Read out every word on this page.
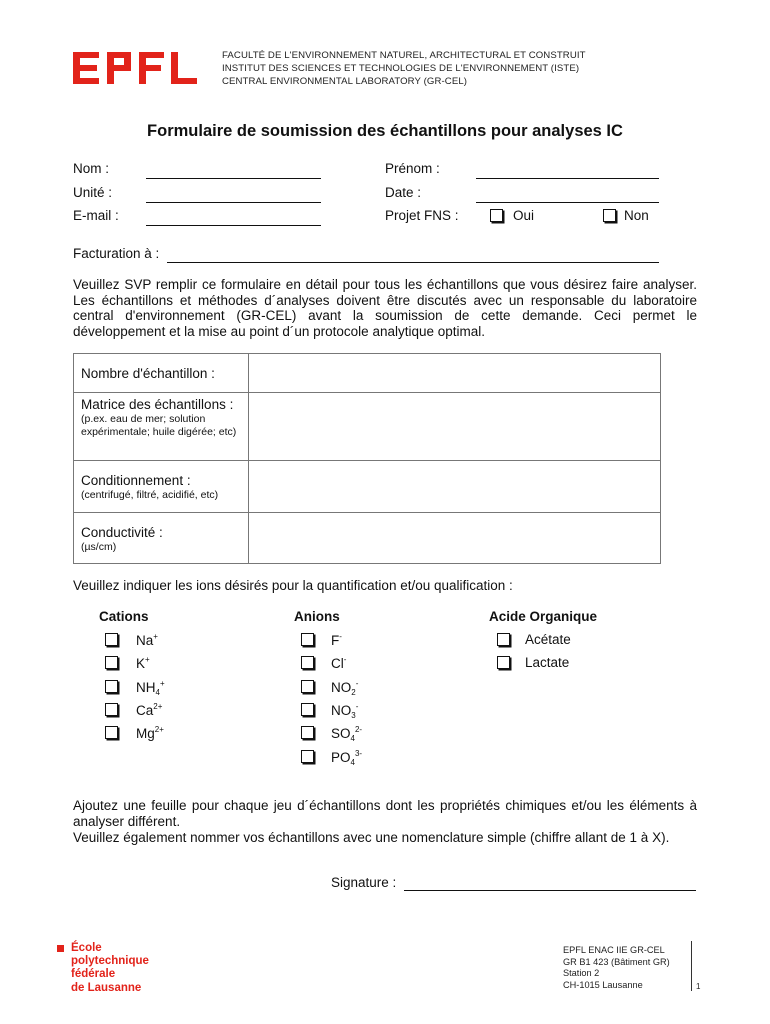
FACULTÉ DE L'ENVIRONNEMENT NATUREL, ARCHITECTURAL ET CONSTRUIT
INSTITUT DES SCIENCES ET TECHNOLOGIES DE L'ENVIRONNEMENT (ISTE)
CENTRAL ENVIRONMENTAL LABORATORY (GR-CEL)
Formulaire de soumission des échantillons pour analyses IC
Nom :
Unité :
E-mail :
Prénom :
Date :
Projet FNS :	Oui	Non
Facturation à :
Veuillez SVP remplir ce formulaire en détail pour tous les échantillons que vous désirez faire analyser. Les échantillons et méthodes d´analyses doivent être discutés avec un responsable du laboratoire central d'environnement (GR-CEL) avant la soumission de cette demande. Ceci permet le développement et la mise au point d´un protocole analytique optimal.
Nombre d'échantillon :	

Matrice des échantillons :
(p.ex. eau de mer; solution expérimentale; huile digérée; etc)	

Conditionnement :
(centrifugé, filtré, acidifié, etc)	

Conductivité :
(µs/cm)	

Veuillez indiquer les ions désirés pour la quantification et/ou qualification :
Cations	Anions	Acide Organique
Na+
K+
$NH_4^+$
$Ca^{2+}$
$Mg^{2+}$
F-
Cl-
$NO_2^-$
$NO_3^-$
$SO_4^{2-}$
$PO_4^{3-}$
Acétate
Lactate
Ajoutez une feuille pour chaque jeu d´échantillons dont les propriétés chimiques et/ou les éléments à analyser différent.
Veuillez également nommer vos échantillons avec une nomenclature simple (chiffre allant de 1 à X).
Signature :
École
polytechnique
fédérale
de Lausanne
EPFL ENAC IIE GR-CEL
GR B1 423 (Bâtiment GR)
Station 2
CH-1015 Lausanne	1
